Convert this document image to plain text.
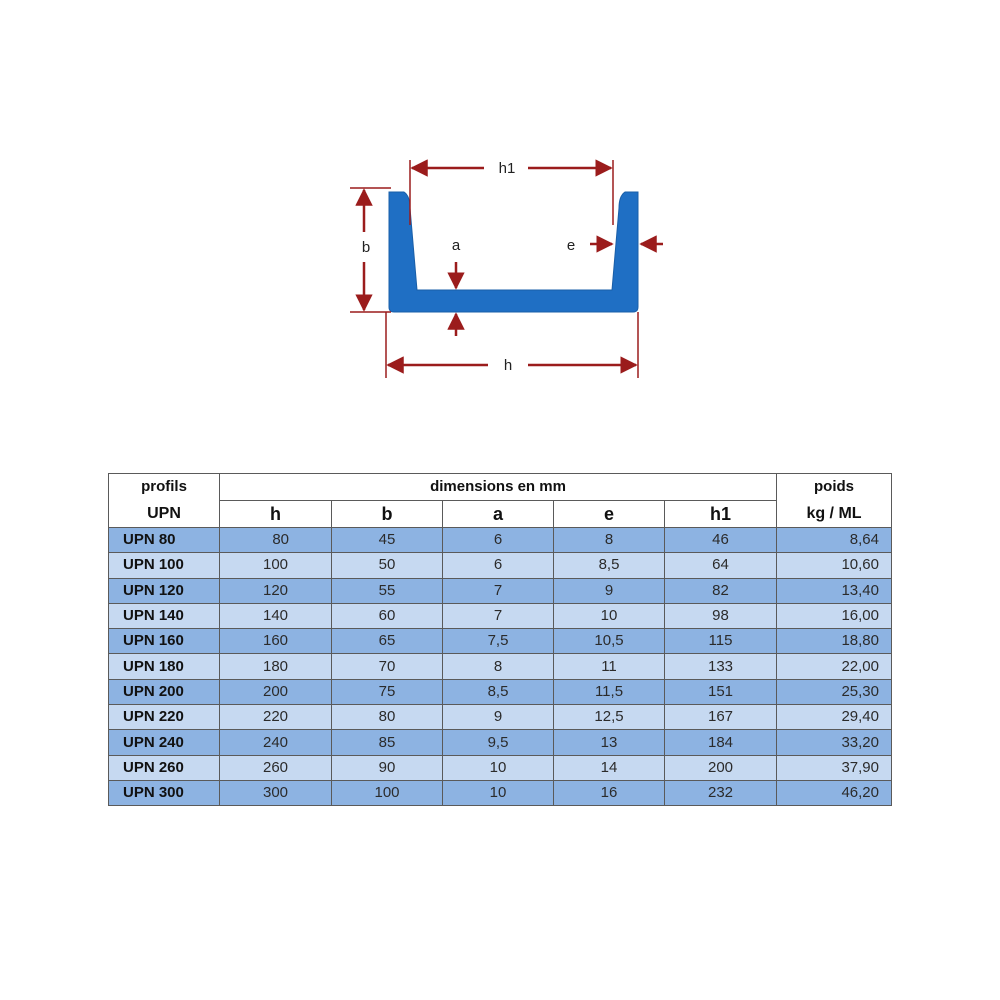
h1
b	a	e
h
profils	dimensions en mm					poids
UPN	h	b	a	e	h1	kg / ML
UPN 80	80	45	6	8	46	8,64
UPN 100	100	50	6	8,5	64	10,60
UPN 120	120	55	7	9	82	13,40
UPN 140	140	60	7	10	98	16,00
UPN 160	160	65	7,5	10,5	115	18,80
UPN 180	180	70	8	11	133	22,00
UPN 200	200	75	8,5	11,5	151	25,30
UPN 220	220	80	9	12,5	167	29,40
UPN 240	240	85	9,5	13	184	33,20
UPN 260	260	90	10	14	200	37,90
UPN 300	300	100	10	16	232	46,20
